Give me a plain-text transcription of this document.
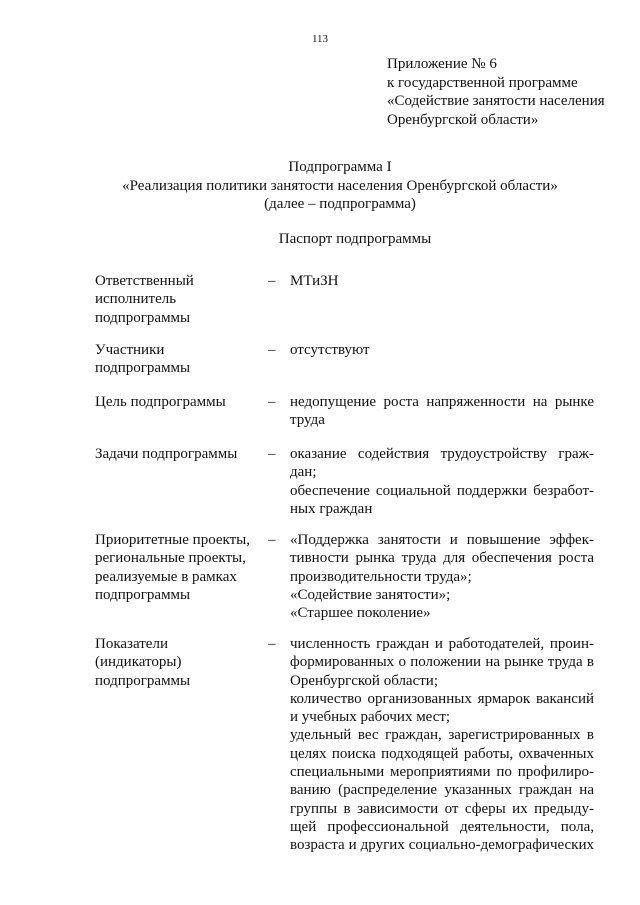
113
Приложение № 6
к государственной программе
«Содействие занятости населения
Оренбургской области»
Подпрограмма I
«Реализация политики занятости населения Оренбургской области»
(далее – подпрограмма)
Паспорт подпрограммы
Ответственный
исполнитель
подпрограммы
– МТиЗН
Участники
подпрограммы
– отсутствуют
Цель подпрограммы	– недопущение роста напряженности на рынке
труда
Задачи подпрограммы	– оказание содействия трудоустройству граж-
дан;
обеспечение социальной поддержки безработ-
ных граждан
Приоритетные проекты,
региональные проекты,
реализуемые в рамках
подпрограммы
– «Поддержка занятости и повышение эффек-
тивности рынка труда для обеспечения роста
производительности труда»;
«Содействие занятости»;
«Старшее поколение»
Показатели
(индикаторы)
подпрограммы
– численность граждан и работодателей, проин-
формированных о положении на рынке труда в
Оренбургской области;
количество организованных ярмарок вакансий
и учебных рабочих мест;
удельный вес граждан, зарегистрированных в
целях поиска подходящей работы, охваченных
специальными мероприятиями по профилиро-
ванию (распределение указанных граждан на
группы в зависимости от сферы их предыду-
щей профессиональной деятельности, пола,
возраста и других социально-демографических
